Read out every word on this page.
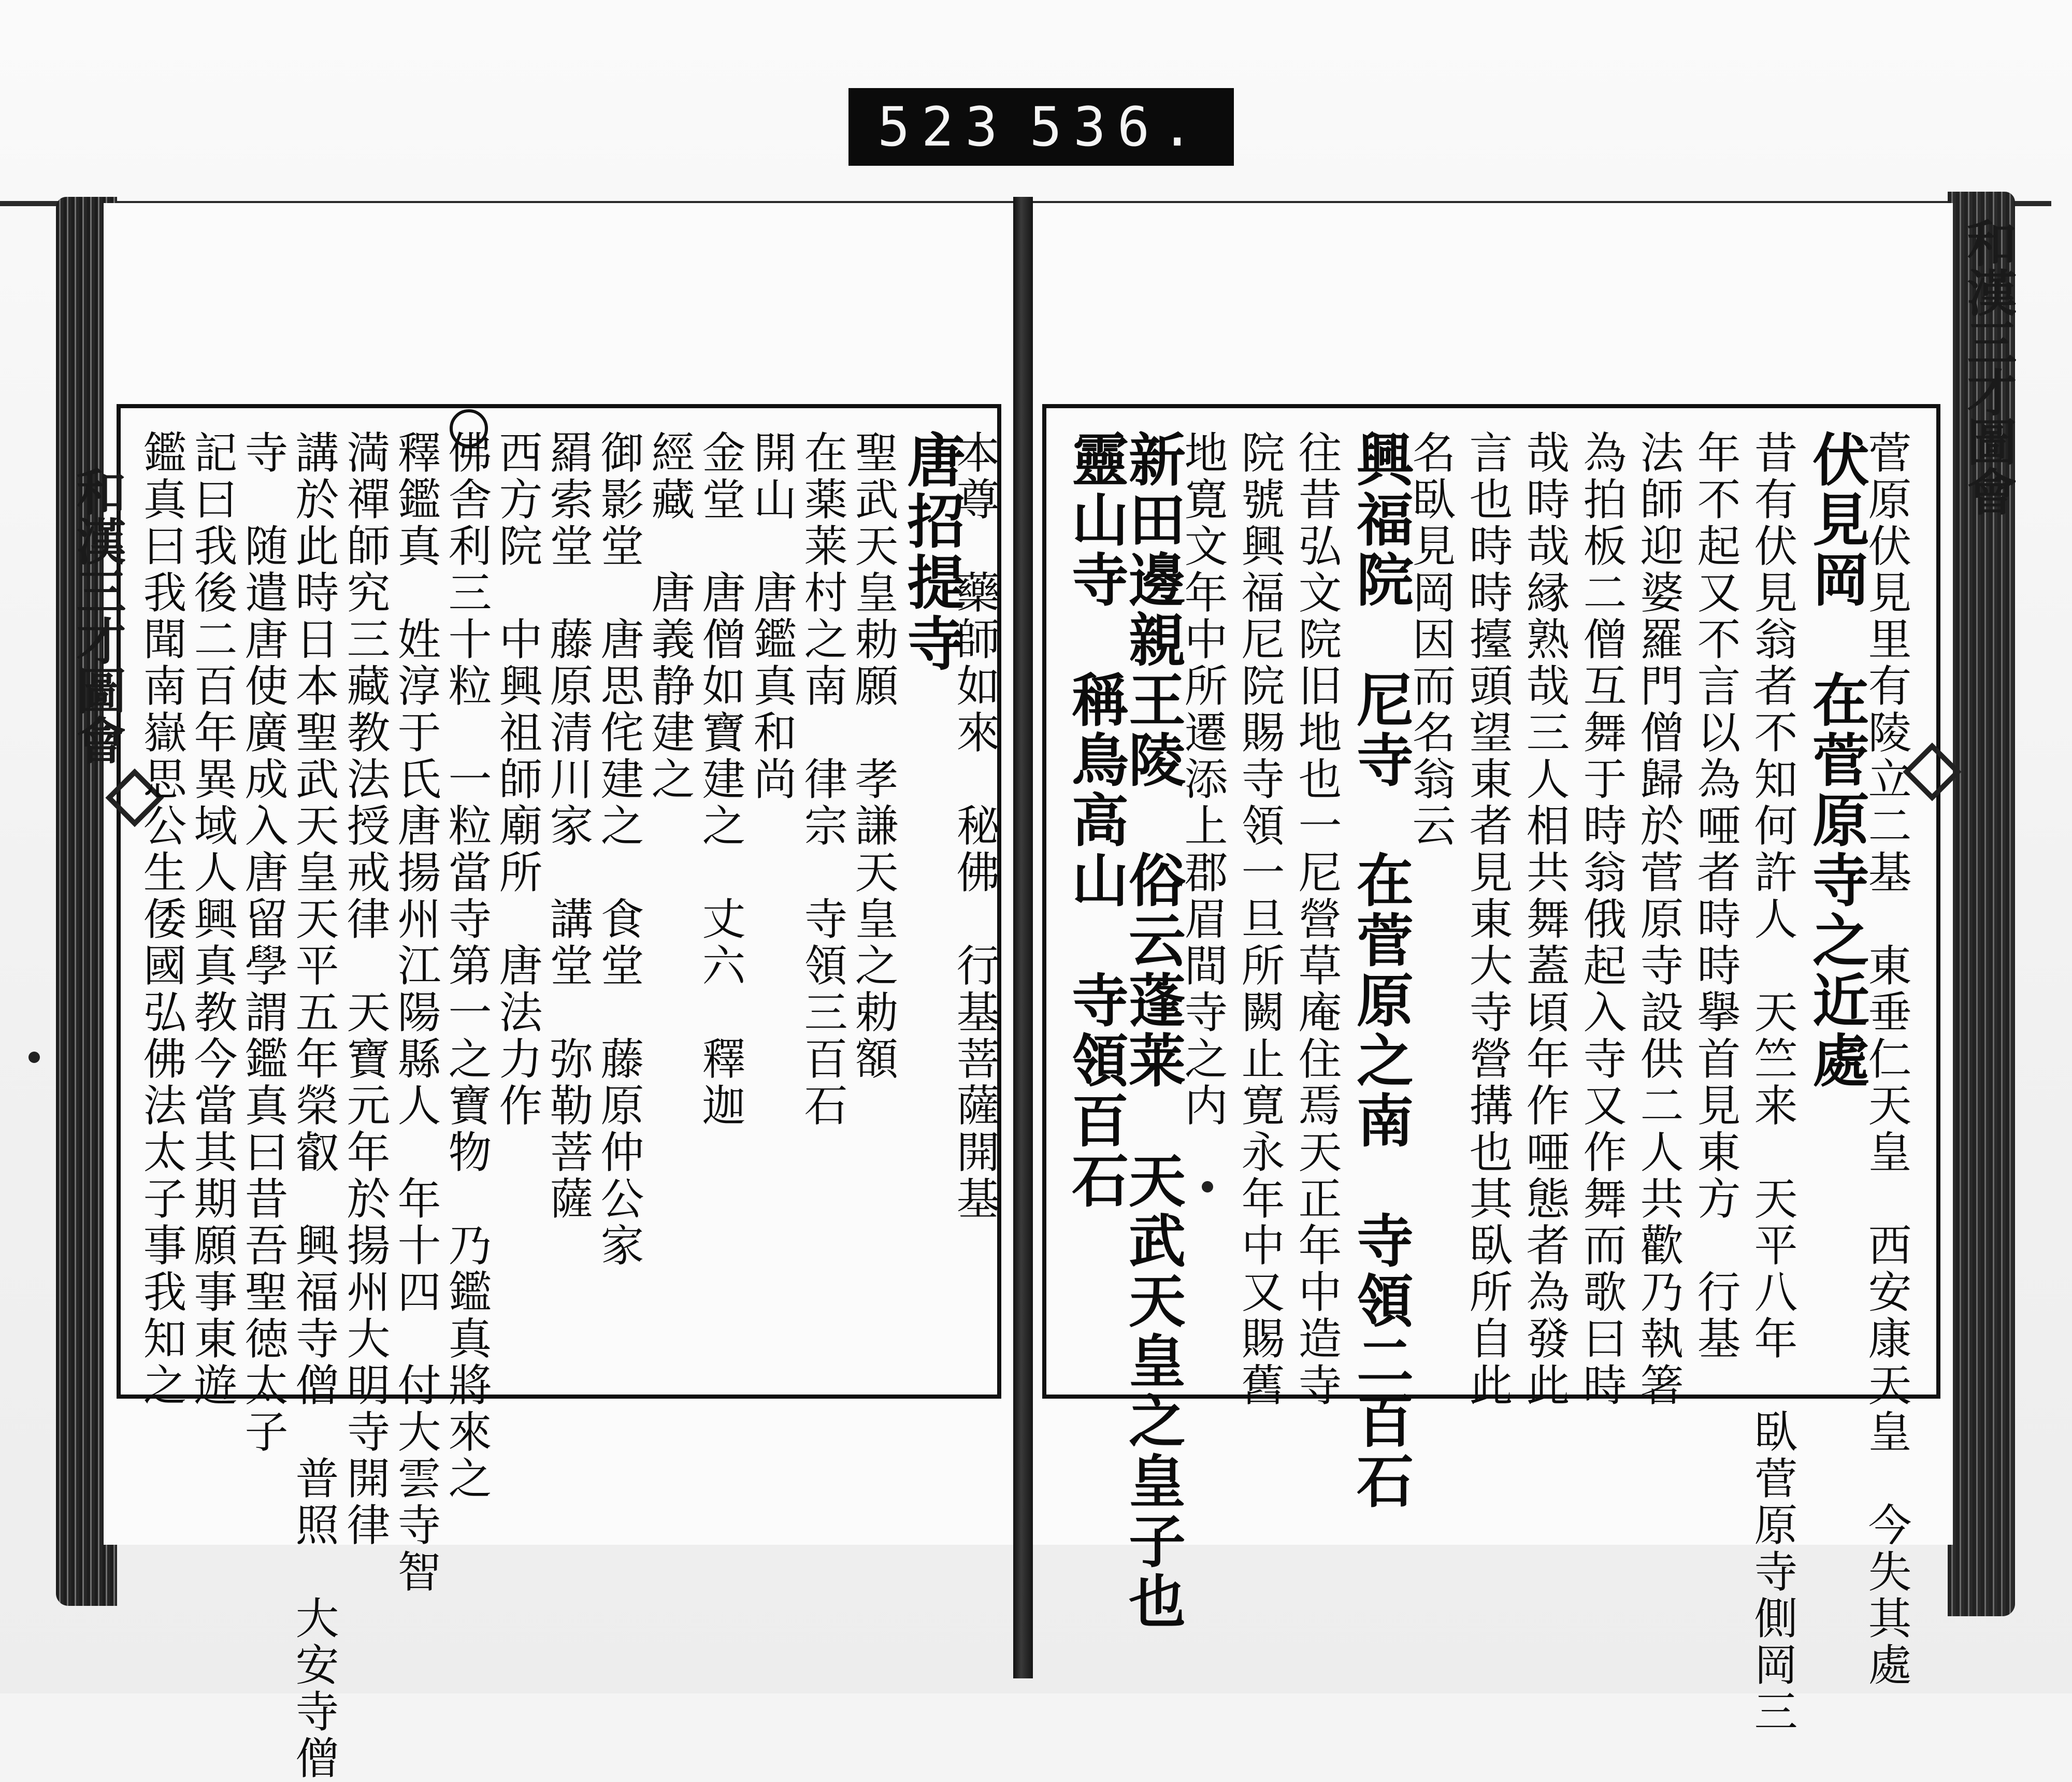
523 536.
和漢三才圖會
和漢三才圖會
本尊　藥師如來　秘佛　行基菩薩開基
唐招提寺
聖武天皇勅願　孝謙天皇之勅額
在薬莱村之南　律宗　寺領三百石
開山　唐鑑真和尚
金堂　唐僧如寶建之　丈六　釋迦
經藏　唐義静建之
御影堂　唐思侘建之　食堂　藤原仲公家
羂索堂　藤原清川家　講堂　弥勒菩薩
西方院　中興祖師廟所　唐法力作
佛舎利三十粒　一粒當寺第一之寶物　乃鑑真將來之
釋鑑真　姓淳于氏唐揚州江陽縣人　年十四　付大雲寺智
満禪師究三藏教法授戒律　天寶元年於揚州大明寺開律
講於此時日本聖武天皇天平五年榮叡　興福寺僧　普照　大安寺僧
寺　随遣唐使廣成入唐留學謂鑑真曰昔吾聖徳太子
記曰我後二百年異域人興真教今當其期願事東遊
鑑真曰我聞南嶽思公生倭國弘佛法太子事我知之	菅原伏見里有陵立二基　東垂仁天皇　西安康天皇　今失其處
伏見岡　在菅原寺之近處
昔有伏見翁者不知何許人　天竺来　天平八年　臥菅原寺側岡三
年不起又不言以為唖者時時擧首見東方　行基
法師迎婆羅門僧歸於菅原寺設供二人共歡乃執箸
為拍板二僧互舞于時翁俄起入寺又作舞而歌曰時
哉時哉縁熟哉三人相共舞蓋頃年作唖態者為發此
言也時時擡頭望東者見東大寺營搆也其臥所自此
名臥見岡因而名翁云
興福院　尼寺　在菅原之南　寺領二百石
往昔弘文院旧地也一尼營草庵住焉天正年中造寺
院號興福尼院賜寺領一旦所闕止寛永年中又賜舊
地寛文年中所遷添上郡眉間寺之内
新田邊親王陵　俗云蓬莱　天武天皇之皇子也
靈山寺　稱鳥高山　寺領百石
